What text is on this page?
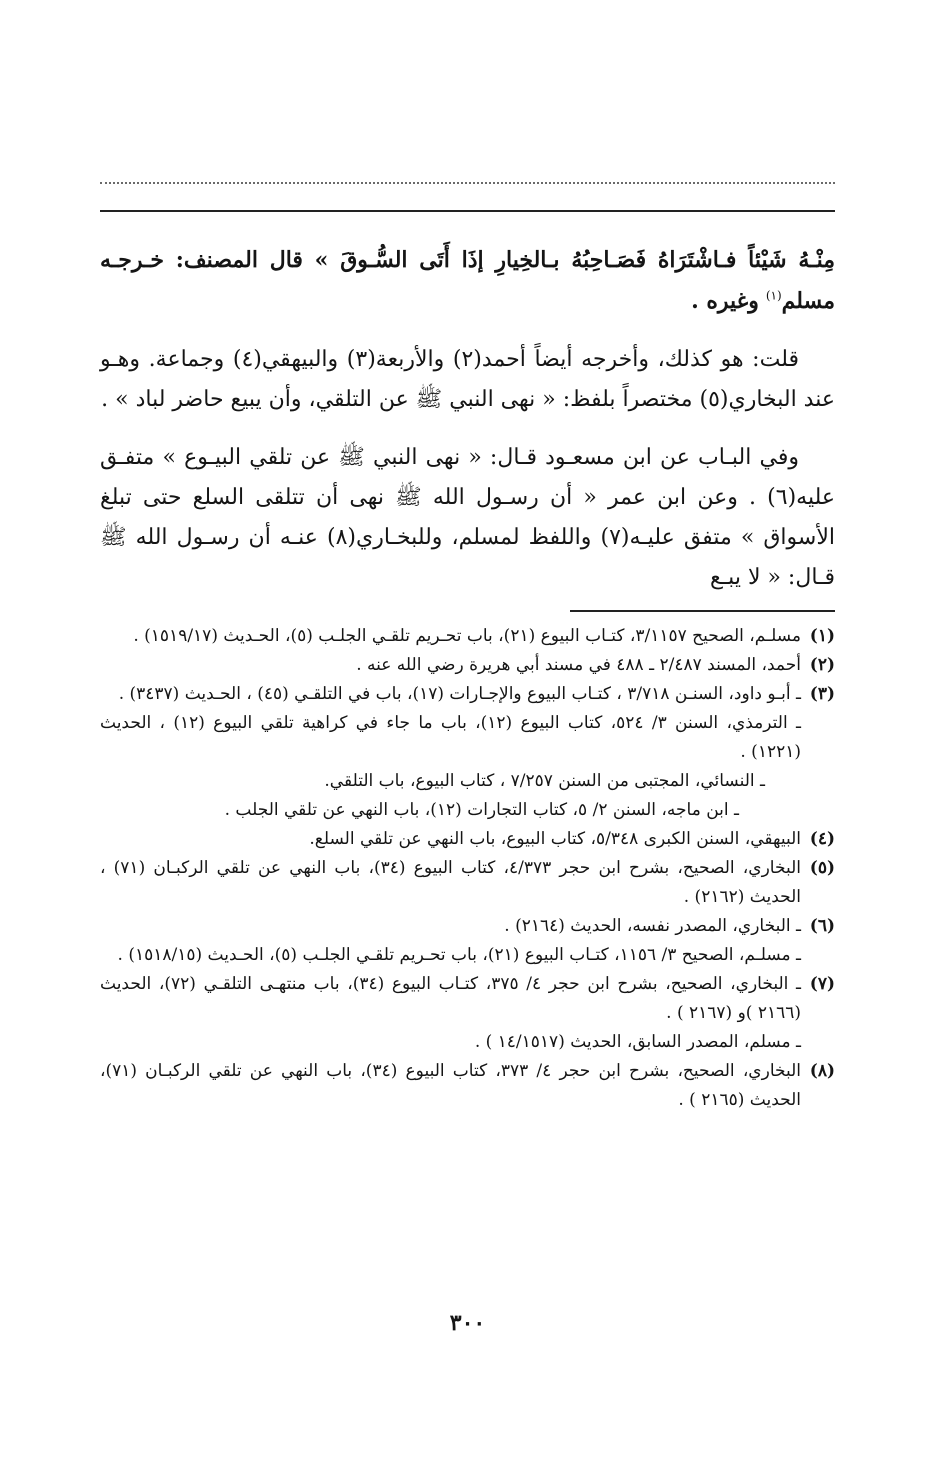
مِنْـهُ شَيْئاً فـاشْتَرَاهُ فَصَـاحِبُهُ بـالخِيارِ إذَا أَتَى السُّـوقَ » قال المصنف: خـرجـه مسلم$^{(١)}$ وغيره .

قلت: هو كذلك، وأخرجه أيضاً أحمد(٢) والأربعة(٣) والبيهقي(٤) وجماعة. وهـو عند البخاري(٥) مختصراً بلفظ: « نهى النبي ﷺ عن التلقي، وأن يبيع حاضر لباد » .

وفي البـاب عن ابن مسعـود قـال: « نهى النبي ﷺ عن تلقي البيـوع » متفـق عليه(٦) . وعن ابن عمر « أن رسـول الله ﷺ نهى أن تتلقى السلع حتى تبلغ الأسواق » متفق عليـه(٧) واللفظ لمسلم، وللبخـاري(٨) عنـه أن رسـول الله ﷺ قـال: « لا يبـع

(١)
مسلـم، الصحيح ٣/١١٥٧، كتـاب البيوع (٢١)، باب تحـريم تلقـي الجلـب (٥)، الحـديث (١٥١٩/١٧) .

(٢)
أحمد، المسند ٢/٤٨٧ ـ ٤٨٨ في مسند أبي هريرة رضي الله عنه .

(٣)
ـ أبـو داود، السنـن ٣/٧١٨ ، كتـاب البيوع والإجـارات (١٧)، باب في التلقـي (٤٥) ، الحـديث (٣٤٣٧) .

ـ الترمذي، السنن ٣/ ٥٢٤، كتاب البيوع (١٢)، باب ما جاء في كراهية تلقي البيوع (١٢) ، الحديث (١٢٢١) .

ـ النسائي، المجتبى من السنن ٧/٢٥٧ ، كتاب البيوع، باب التلقي.

ـ ابن ماجه، السنن ٢/ ٥، كتاب التجارات (١٢)، باب النهي عن تلقي الجلب .

(٤)
البيهقي، السنن الكبرى ٥/٣٤٨، كتاب البيوع، باب النهي عن تلقي السلع.

(٥)
البخاري، الصحيح، بشرح ابن حجر ٤/٣٧٣، كتاب البيوع (٣٤)، باب النهي عن تلقي الركبـان (٧١) ، الحديث (٢١٦٢) .

(٦)
ـ البخاري، المصدر نفسه، الحديث (٢١٦٤) .

ـ مسلـم، الصحيح ٣/ ١١٥٦، كتـاب البيوع (٢١)، باب تحـريم تلقـي الجلـب (٥)، الحـديث (١٥١٨/١٥) .

(٧)
ـ البخاري، الصحيح، بشرح ابن حجر ٤/ ٣٧٥، كتـاب البيوع (٣٤)، باب منتهـى التلقـي (٧٢)، الحديث (٢١٦٦ )و (٢١٦٧ ) .

ـ مسلم، المصدر السابق، الحديث (١٤/١٥١٧ ) .

(٨)
البخاري، الصحيح، بشرح ابن حجر ٤/ ٣٧٣، كتاب البيوع (٣٤)، باب النهي عن تلقي الركبـان (٧١)، الحديث (٢١٦٥ ) .

٣٠٠
